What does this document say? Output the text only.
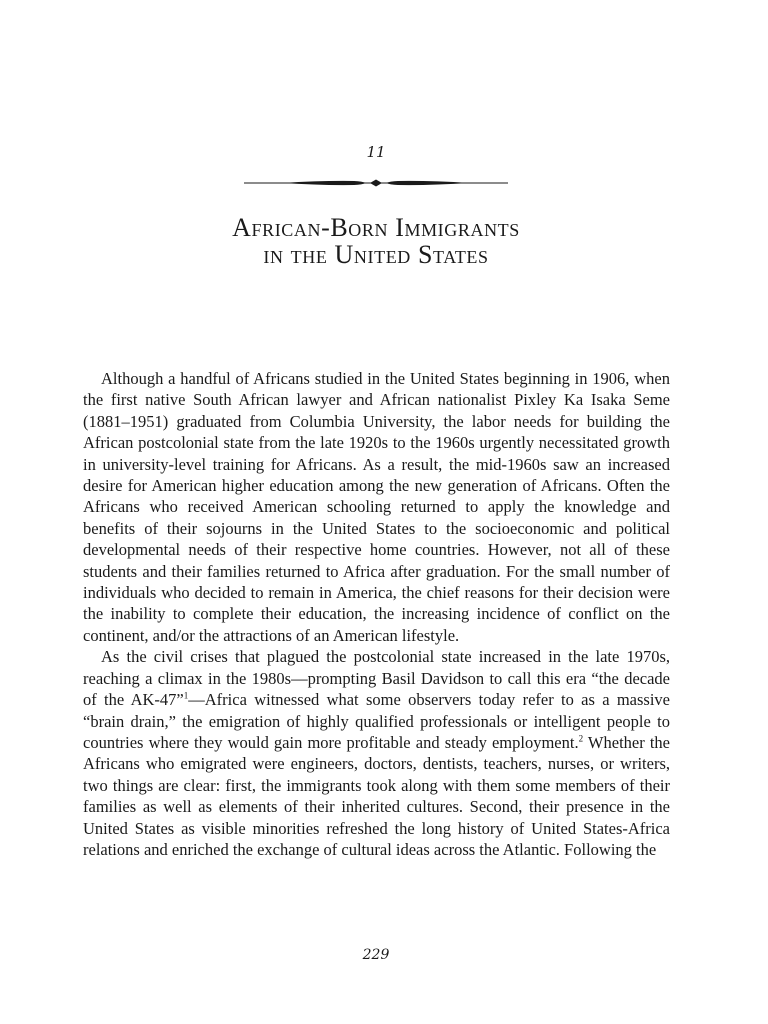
11
African-Born Immigrants
in the United States

Although a handful of Africans studied in the United States beginning in 1906, when the first native South African lawyer and African nationalist Pixley Ka Isaka Seme (1881–1951) graduated from Columbia University, the labor needs for building the African postcolonial state from the late 1920s to the 1960s urgently necessitated growth in university-level training for Africans. As a result, the mid-1960s saw an increased desire for American higher education among the new generation of Africans. Often the Africans who received American schooling returned to apply the knowledge and benefits of their sojourns in the United States to the socioeconomic and political developmental needs of their respective home countries. However, not all of these students and their families returned to Africa after graduation. For the small number of individuals who decided to remain in America, the chief reasons for their decision were the inability to complete their education, the increasing incidence of conflict on the continent, and/or the attractions of an American lifestyle.

As the civil crises that plagued the postcolonial state increased in the late 1970s, reaching a climax in the 1980s—prompting Basil Davidson to call this era “the decade of the AK-47”$^1$—Africa witnessed what some observers today refer to as a massive “brain drain,” the emigration of highly qualified professionals or intelligent people to countries where they would gain more profitable and steady employment.$^2$ Whether the Africans who emigrated were engineers, doctors, dentists, teachers, nurses, or writers, two things are clear: first, the immigrants took along with them some members of their families as well as elements of their inherited cultures. Second, their presence in the United States as visible minorities refreshed the long history of United States-Africa relations and enriched the exchange of cultural ideas across the Atlantic. Following the

229
